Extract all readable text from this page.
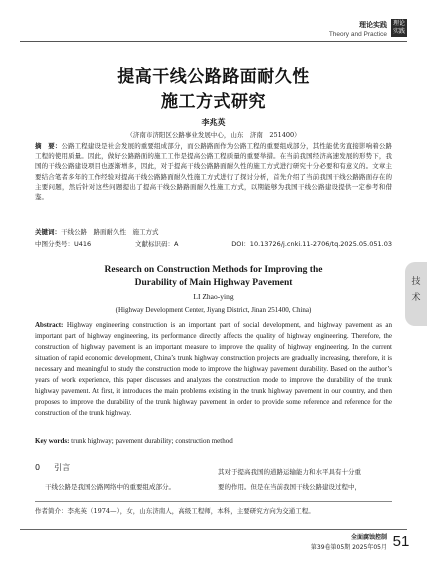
理论实践
Theory and Practice
理论实践
提高干线公路路面耐久性
施工方式研究
李兆英
（济南市济阳区公路事业发展中心，山东　济南　251400）
摘　要：公路工程建设是社会发展的重要组成部分，而公路路面作为公路工程的重要组成部分，其性能优劣直接影响着公路工程的使用质量。因此，做好公路路面的施工工作是提高公路工程质量的重要举措。在当前我国经济高速发展的形势下，我国的干线公路建设项目也逐渐增多，因此，对于提高干线公路路面耐久性的施工方式进行研究十分必要和有意义的。文章主要结合笔者多年的工作经验对提高干线公路路面耐久性施工方式进行了探讨分析，首先介绍了当前我国干线公路路面存在的主要问题，然后针对这些问题提出了提高干线公路路面耐久性施工方式，以期能够为我国干线公路建设提供一定参考和借鉴。
关键词：干线公路　路面耐久性　施工方式
中图分类号：U416	文献标识码：A	DOI：10.13726/j.cnki.11-2706/tq.2025.05.051.03
Research on Construction Methods for Improving the
Durability of Main Highway Pavement
LI Zhao-ying
(Highway Development Center, Jiyang District, Jinan 251400, China)
Abstract: Highway engineering construction is an important part of social development, and highway pavement as an important part of highway engineering, its performance directly affects the quality of highway engineering. Therefore, the construction of highway pavement is an important measure to improve the quality of highway engineering. In the current situation of rapid economic development, China’s trunk highway construction projects are gradually increasing, therefore, it is necessary and meaningful to study the construction mode to improve the highway pavement durability. Based on the author’s years of work experience, this paper discusses and analyzes the construction mode to improve the durability of the trunk highway pavement. At first, it introduces the main problems existing in the trunk highway pavement in our country, and then proposes to improve the durability of the trunk highway pavement in order to provide some reference and reference for the construction of the trunk highway.
Key words: trunk highway; pavement durability; construction method
技
术
0 引言
干线公路是我国公路网络中的重要组成部分。
其对于提高我国的道路运输能力和水平具有十分重
要的作用。但是在当前我国干线公路建设过程中，
作者简介：李兆英（1974—），女，山东济南人，高级工程师，本科，主要研究方向为交通工程。
全面腐蚀控制
第39卷第05期 2025年05月 51
